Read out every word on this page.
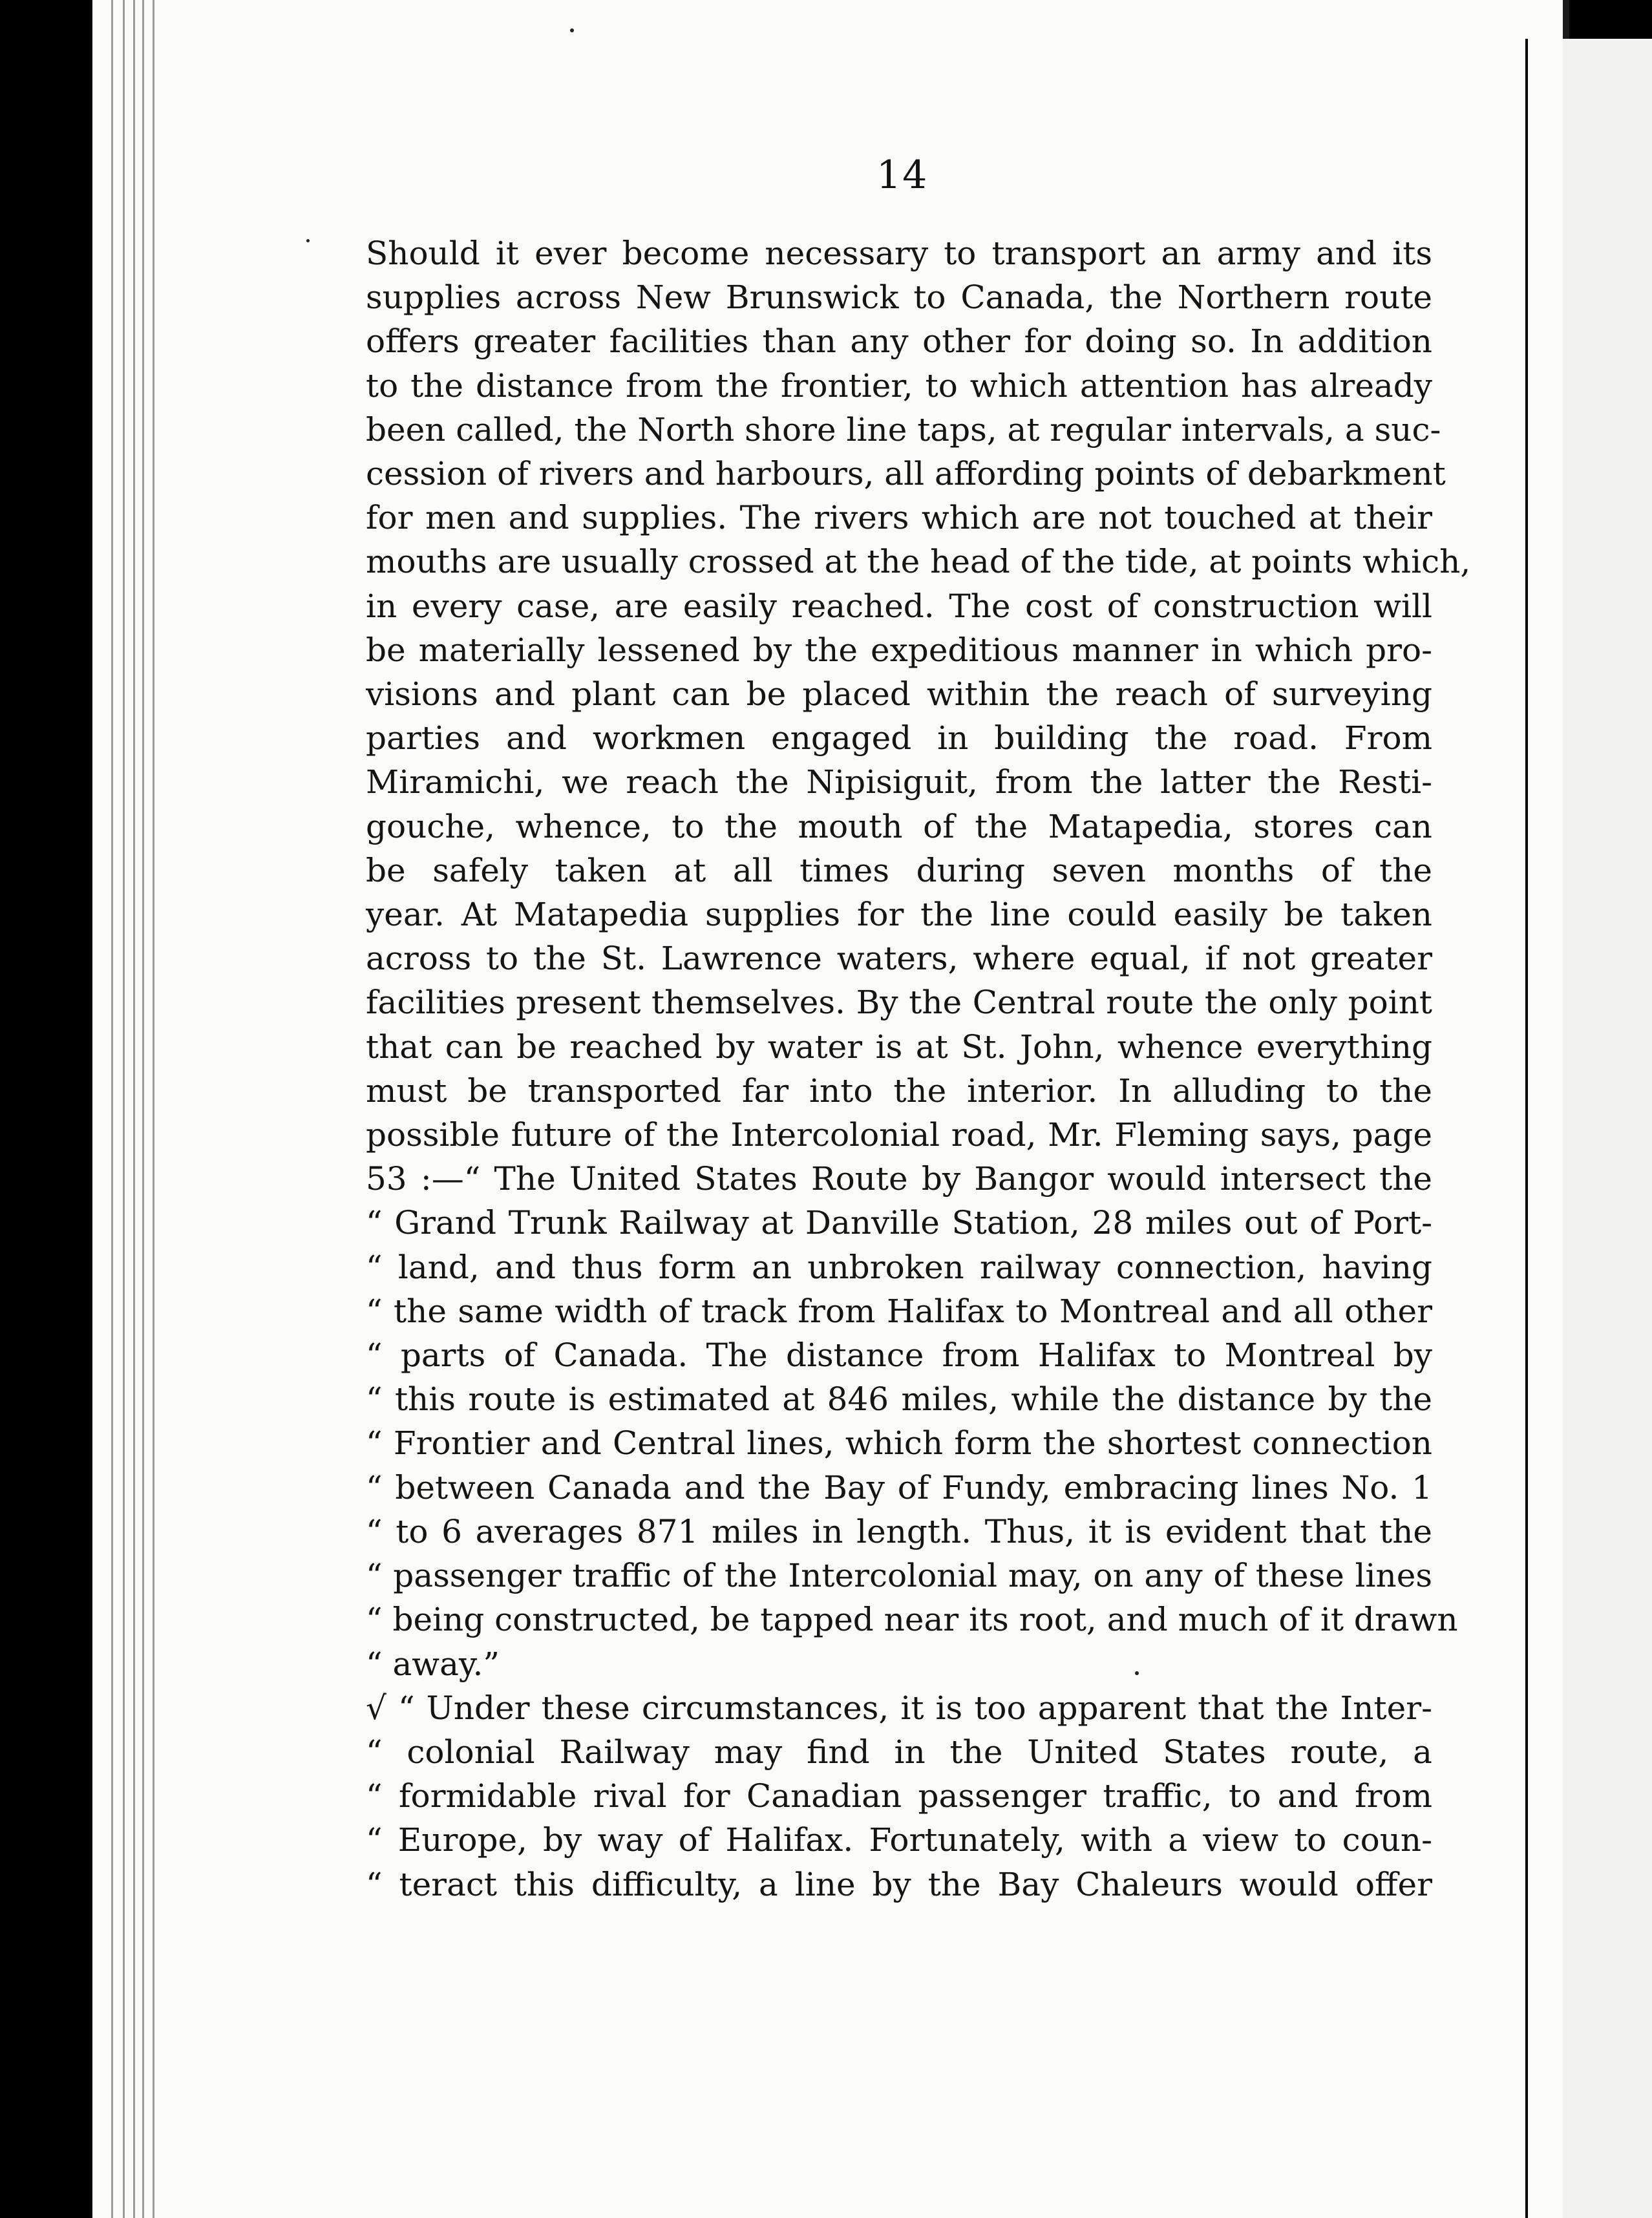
14
Should it ever become necessary to transport an army and its
supplies across New Brunswick to Canada, the Northern route
offers greater facilities than any other for doing so. In addition
to the distance from the frontier, to which attention has already
been called, the North shore line taps, at regular intervals, a suc-
cession of rivers and harbours, all affording points of debarkment
for men and supplies. The rivers which are not touched at their
mouths are usually crossed at the head of the tide, at points which,
in every case, are easily reached. The cost of construction will
be materially lessened by the expeditious manner in which pro-
visions and plant can be placed within the reach of surveying
parties and workmen engaged in building the road. From
Miramichi, we reach the Nipisiguit, from the latter the Resti-
gouche, whence, to the mouth of the Matapedia, stores can
be safely taken at all times during seven months of the
year. At Matapedia supplies for the line could easily be taken
across to the St. Lawrence waters, where equal, if not greater
facilities present themselves. By the Central route the only point
that can be reached by water is at St. John, whence everything
must be transported far into the interior. In alluding to the
possible future of the Intercolonial road, Mr. Fleming says, page
53 :—“ The United States Route by Bangor would intersect the
“ Grand Trunk Railway at Danville Station, 28 miles out of Port-
“ land, and thus form an unbroken railway connection, having
“ the same width of track from Halifax to Montreal and all other
“ parts of Canada. The distance from Halifax to Montreal by
“ this route is estimated at 846 miles, while the distance by the
“ Frontier and Central lines, which form the shortest connection
“ between Canada and the Bay of Fundy, embracing lines No. 1
“ to 6 averages 871 miles in length. Thus, it is evident that the
“ passenger traffic of the Intercolonial may, on any of these lines
“ being constructed, be tapped near its root, and much of it drawn
“ away.”
√ “ Under these circumstances, it is too apparent that the Inter-
“ colonial Railway may find in the United States route, a
“ formidable rival for Canadian passenger traffic, to and from
“ Europe, by way of Halifax. Fortunately, with a view to coun-
“ teract this difficulty, a line by the Bay Chaleurs would offer
